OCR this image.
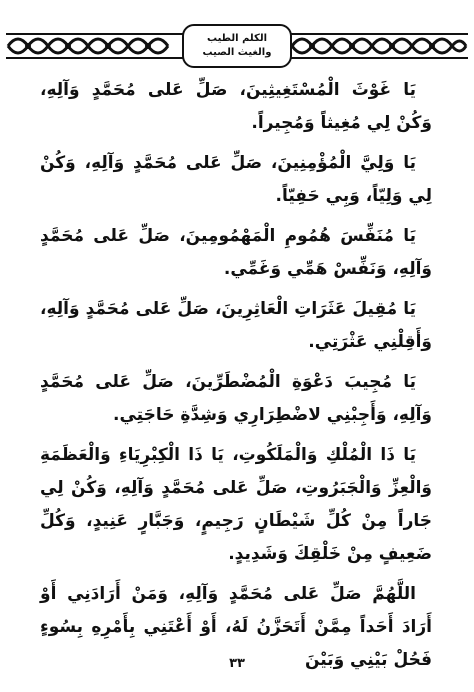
الكلم الطيب
والغيث الصيب

يَا غَوْثَ الْمُسْتَغِيثِينَ، صَلِّ عَلى مُحَمَّدٍ وَآلِهِ، وَكُنْ لِي مُغِيثاً وَمُجِيراً.

يَا وَلِيَّ الْمُؤْمِنِينَ، صَلِّ عَلى مُحَمَّدٍ وَآلِهِ، وَكُنْ لِي وَلِيّاً، وَبِي حَفِيّاً.

يَا مُنَفِّسَ هُمُومِ الْمَهْمُومِينَ، صَلِّ عَلى مُحَمَّدٍ وَآلِهِ، وَنَفِّسْ هَمِّي وَغَمِّي.

يَا مُقِيلَ عَثَرَاتِ الْعَاثِرِينَ، صَلِّ عَلى مُحَمَّدٍ وَآلِهِ، وَأَقِلْنِي عَثْرَتِي.

يَا مُجِيبَ دَعْوَةِ الْمُضْطَرِّينَ، صَلِّ عَلى مُحَمَّدٍ وَآلِهِ، وَأَجِبْنِي لاضْطِرَارِي وَشِدَّةِ حَاجَتِي.

يَا ذَا الْمُلْكِ وَالْمَلَكُوتِ، يَا ذَا الْكِبْرِيَاءِ وَالْعَظَمَةِ وَالْعِزِّ وَالْجَبَرُوتِ، صَلِّ عَلى مُحَمَّدٍ وَآلِهِ، وَكُنْ لِي جَاراً مِنْ كُلِّ شَيْطَانٍ رَجِيمٍ، وَجَبَّارٍ عَنِيدٍ، وَكُلِّ ضَعِيفٍ مِنْ خَلْقِكَ وَشَدِيدٍ.

اللَّهُمَّ صَلِّ عَلى مُحَمَّدٍ وَآلِهِ، وَمَنْ أَرَادَنِي أَوْ أَرَادَ أَحَداً مِمَّنْ أَتَحَزَّنُ لَهُ، أَوْ أَعْتَنِي بِأَمْرِهِ بِسُوءٍ فَحُلْ بَيْنِي وَبَيْنَ

٣٣
